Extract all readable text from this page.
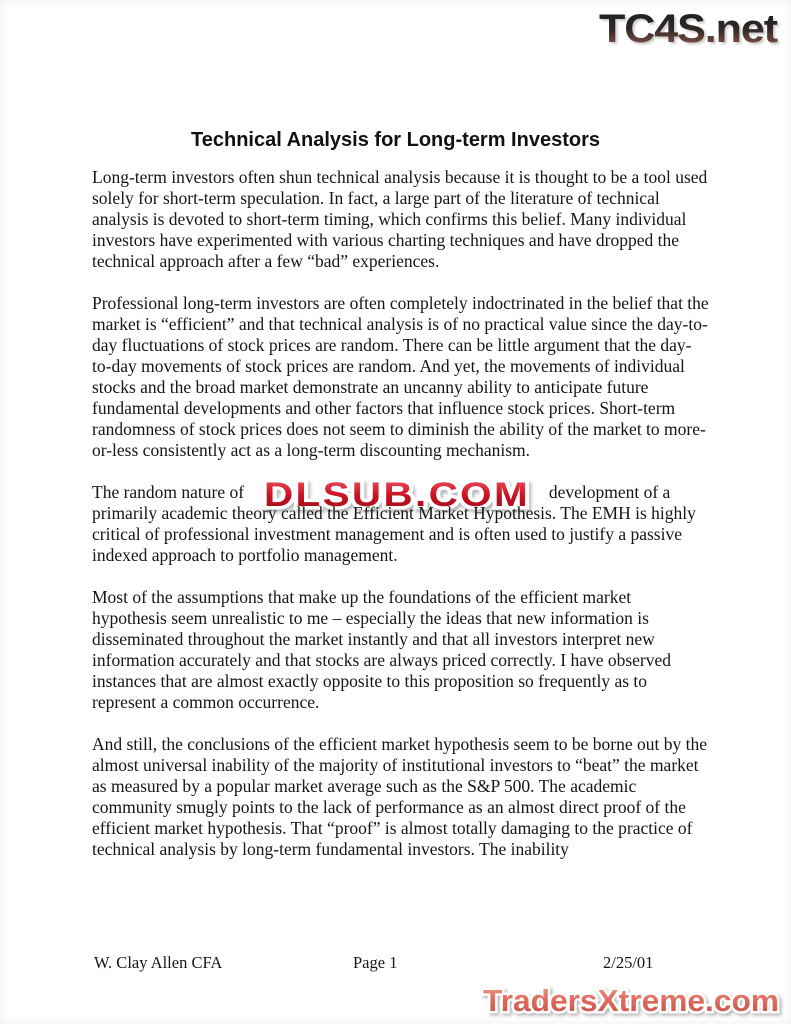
TC4S.net
Technical Analysis for Long-term Investors

Long-term investors often shun technical analysis because it is thought to be a tool used solely for short-term speculation. In fact, a large part of the literature of technical analysis is devoted to short-term timing, which confirms this belief. Many individual investors have experimented with various charting techniques and have dropped the technical approach after a few “bad” experiences.

Professional long-term investors are often completely indoctrinated in the belief that the market is “efficient” and that technical analysis is of no practical value since the day-to-day fluctuations of stock prices are random. There can be little argument that the day-to-day movements of stock prices are random. And yet, the movements of individual stocks and the broad market demonstrate an uncanny ability to anticipate future fundamental developments and other factors that influence stock prices. Short-term randomness of stock prices does not seem to diminish the ability of the market to more-or-less consistently act as a long-term discounting mechanism.

The random nature of DLSUB.COM development of a

primarily academic theory called the Efficient Market Hypothesis. The EMH is highly critical of professional investment management and is often used to justify a passive indexed approach to portfolio management.

Most of the assumptions that make up the foundations of the efficient market hypothesis seem unrealistic to me – especially the ideas that new information is disseminated throughout the market instantly and that all investors interpret new information accurately and that stocks are always priced correctly. I have observed instances that are almost exactly opposite to this proposition so frequently as to represent a common occurrence.

And still, the conclusions of the efficient market hypothesis seem to be borne out by the almost universal inability of the majority of institutional investors to “beat” the market as measured by a popular market average such as the S&P 500. The academic community smugly points to the lack of performance as an almost direct proof of the efficient market hypothesis. That “proof” is almost totally damaging to the practice of technical analysis by long-term fundamental investors. The inability

W. Clay Allen CFA	Page 1	2/25/01
TradersXtreme.com
